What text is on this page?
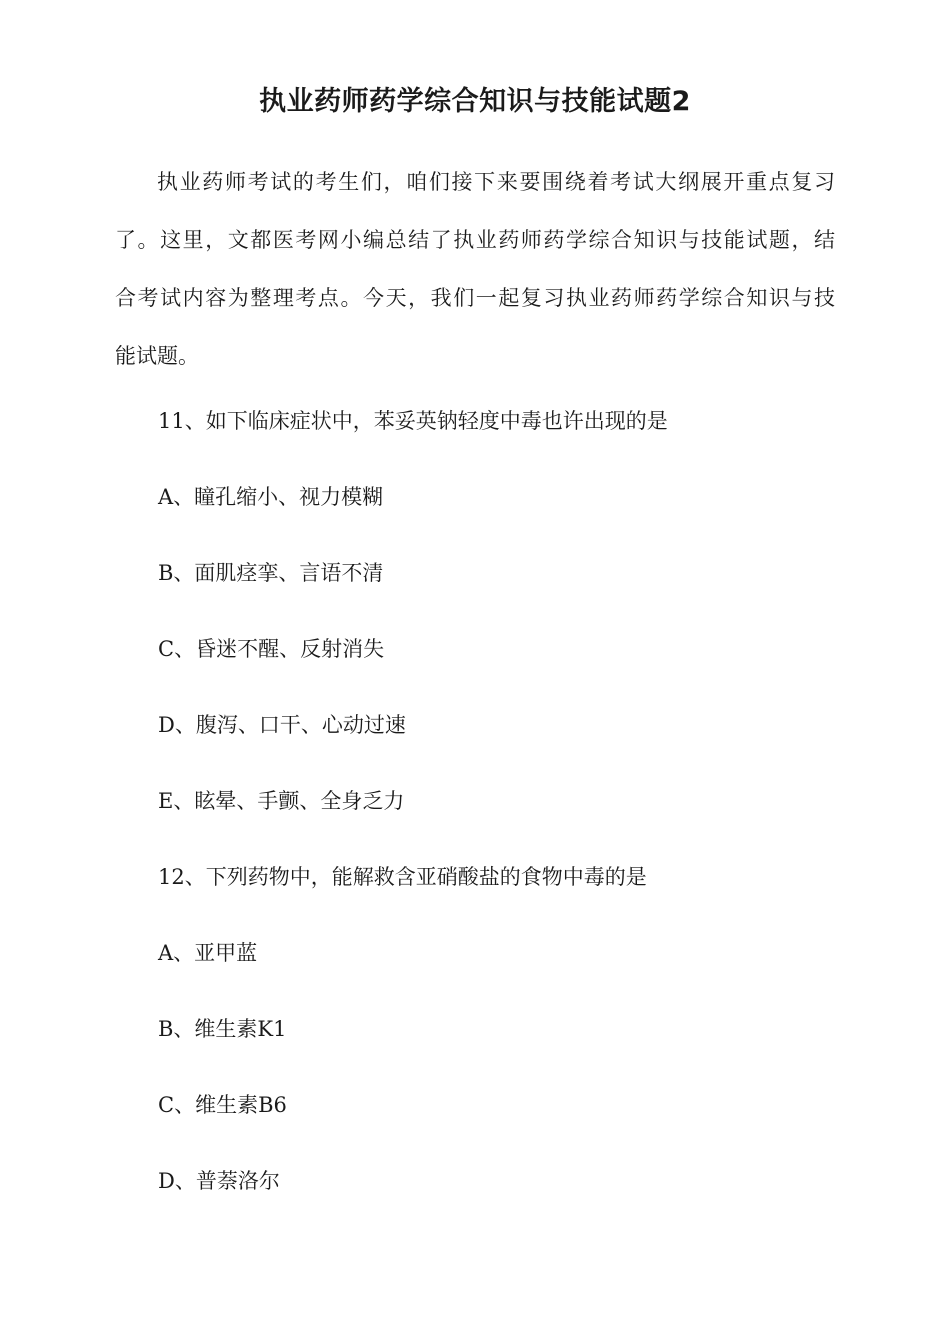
执业药师药学综合知识与技能试题2
执业药师考试的考生们，咱们接下来要围绕着考试大纲展开重点复习
了。这里，文都医考网小编总结了执业药师药学综合知识与技能试题，结
合考试内容为整理考点。今天，我们一起复习执业药师药学综合知识与技
能试题。
11、如下临床症状中，苯妥英钠轻度中毒也许出现的是
A、瞳孔缩小、视力模糊
B、面肌痉挛、言语不清
C、昏迷不醒、反射消失
D、腹泻、口干、心动过速
E、眩晕、手颤、全身乏力
12、下列药物中，能解救含亚硝酸盐的食物中毒的是
A、亚甲蓝
B、维生素K1
C、维生素B6
D、普萘洛尔
